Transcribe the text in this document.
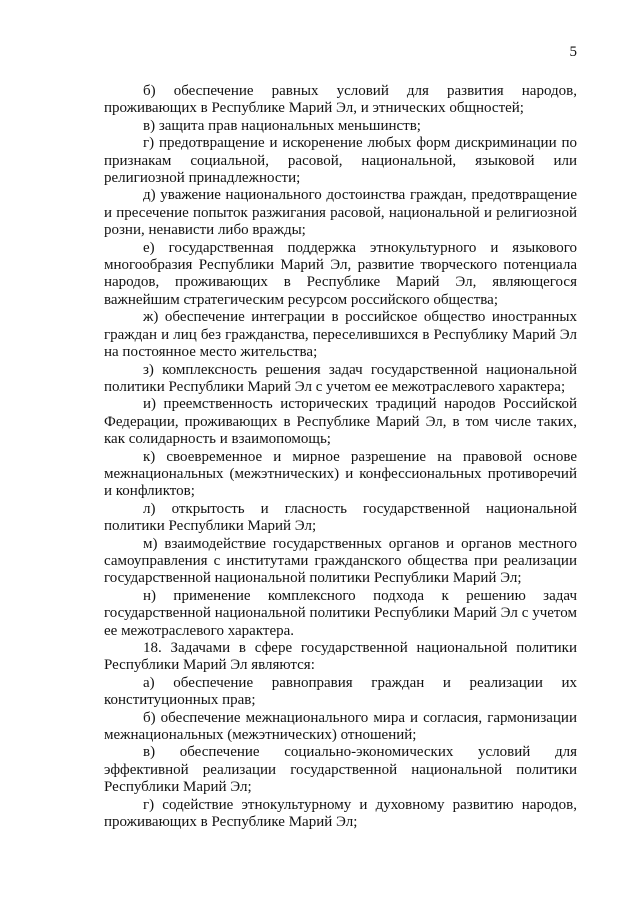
5

б) обеспечение равных условий для развития народов, проживающих в Республике Марий Эл, и этнических общностей;

в) защита прав национальных меньшинств;

г) предотвращение и искоренение любых форм дискриминации по признакам социальной, расовой, национальной, языковой или религиозной принадлежности;

д) уважение национального достоинства граждан, предотвращение и пресечение попыток разжигания расовой, национальной и религиозной розни, ненависти либо вражды;

е) государственная поддержка этнокультурного и языкового многообразия Республики Марий Эл, развитие творческого потенциала народов, проживающих в Республике Марий Эл, являющегося важнейшим стратегическим ресурсом российского общества;

ж) обеспечение интеграции в российское общество иностранных граждан и лиц без гражданства, переселившихся в Республику Марий Эл на постоянное место жительства;

з) комплексность решения задач государственной национальной политики Республики Марий Эл с учетом ее межотраслевого характера;

и) преемственность исторических традиций народов Российской Федерации, проживающих в Республике Марий Эл, в том числе таких, как солидарность и взаимопомощь;

к) своевременное и мирное разрешение на правовой основе межнациональных (межэтнических) и конфессиональных противоречий и конфликтов;

л) открытость и гласность государственной национальной политики Республики Марий Эл;

м) взаимодействие государственных органов и органов местного самоуправления с институтами гражданского общества при реализации государственной национальной политики Республики Марий Эл;

н) применение комплексного подхода к решению задач государственной национальной политики Республики Марий Эл с учетом ее межотраслевого характера.

18. Задачами в сфере государственной национальной политики Республики Марий Эл являются:

а) обеспечение равноправия граждан и реализации их конституционных прав;

б) обеспечение межнационального мира и согласия, гармонизации межнациональных (межэтнических) отношений;

в) обеспечение социально-экономических условий для эффективной реализации государственной национальной политики Республики Марий Эл;

г) содействие этнокультурному и духовному развитию народов, проживающих в Республике Марий Эл;
